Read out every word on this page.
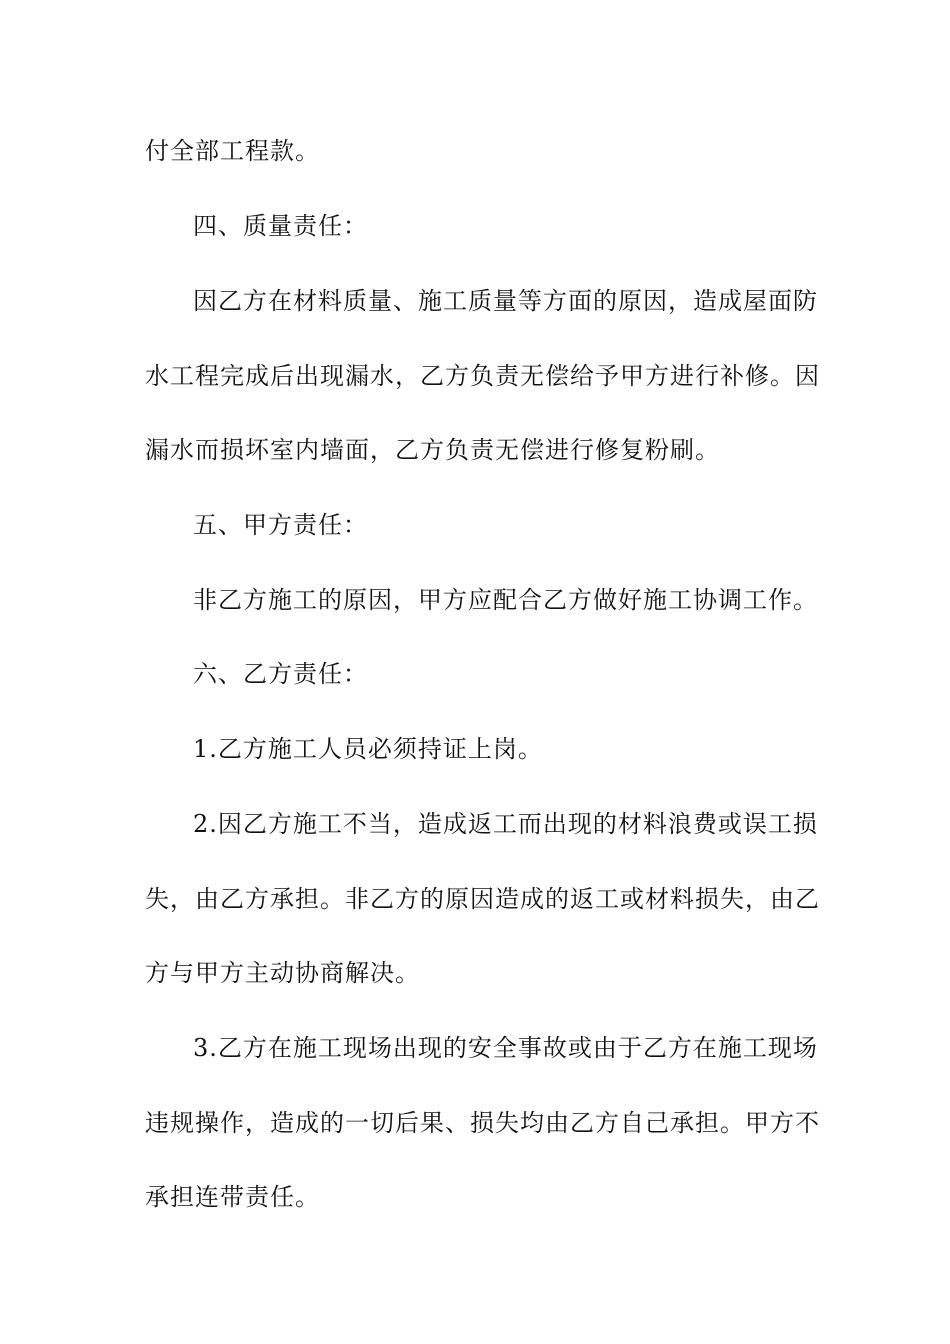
付全部工程款。
四、质量责任：
因乙方在材料质量、施工质量等方面的原因，造成屋面防
水工程完成后出现漏水，乙方负责无偿给予甲方进行补修。因
漏水而损坏室内墙面，乙方负责无偿进行修复粉刷。
五、甲方责任：
非乙方施工的原因，甲方应配合乙方做好施工协调工作。
六、乙方责任：
1.乙方施工人员必须持证上岗。
2.因乙方施工不当，造成返工而出现的材料浪费或误工损
失，由乙方承担。非乙方的原因造成的返工或材料损失，由乙
方与甲方主动协商解决。
3.乙方在施工现场出现的安全事故或由于乙方在施工现场
违规操作，造成的一切后果、损失均由乙方自己承担。甲方不
承担连带责任。
